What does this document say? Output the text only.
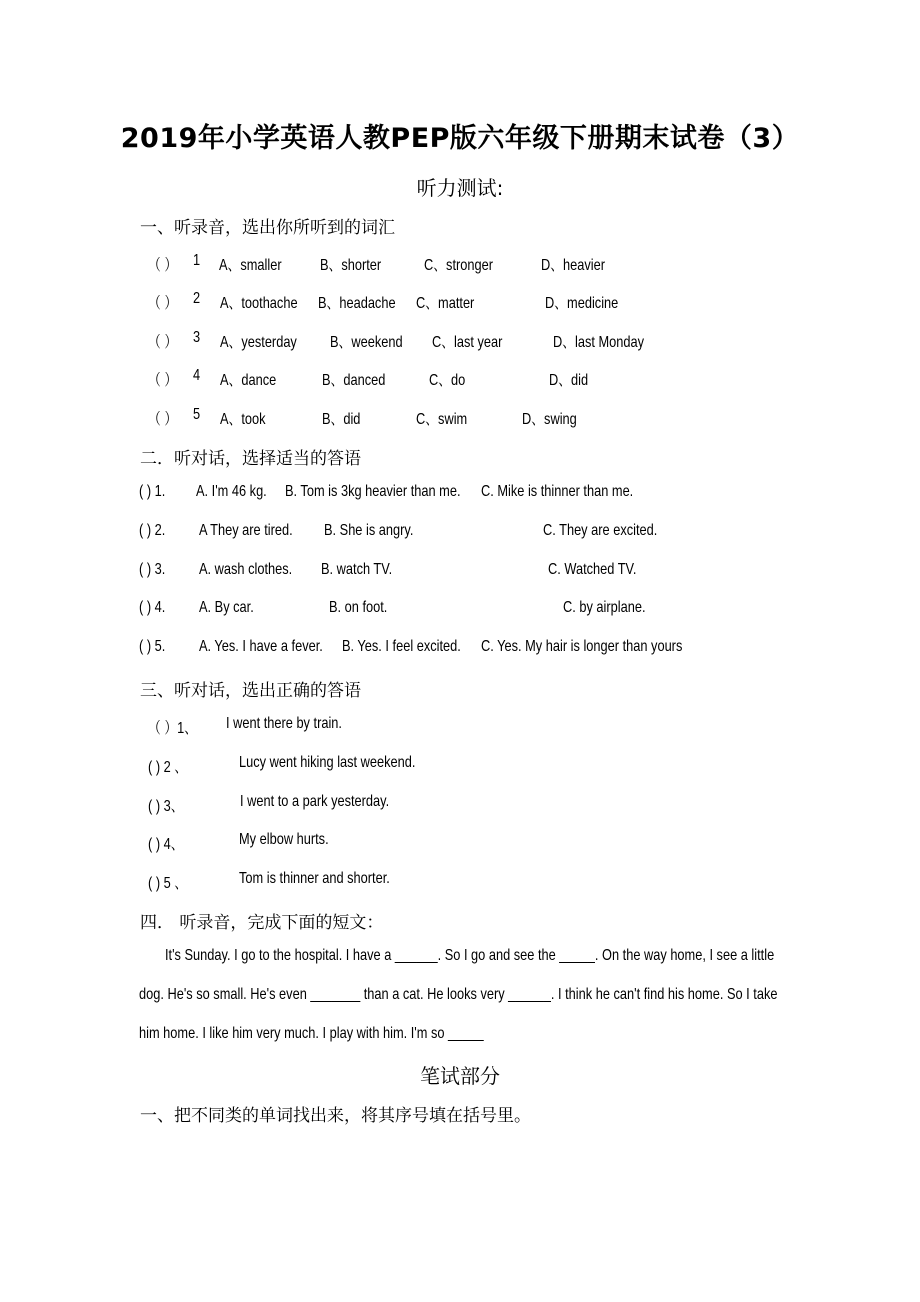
2019年小学英语人教PEP版六年级下册期末试卷（3）
听力测试:
一、听录音，选出你所听到的词汇
（ ） 1 A、smaller	B、shorter	C、stronger	D、heavier
（ ） 2 A、toothache	B、headache	C、matter	D、medicine
（ ） 3 A、yesterday	B、weekend	C、last year	D、last Monday
（ ） 4 A、dance	B、danced	C、do	D、did
（ ） 5 A、took	B、did	C、swim	D、swing
二．听对话，选择适当的答语
( ) 1.	A. I'm 46 kg.	B. Tom is 3kg heavier than me.	C. Mike is thinner than me.
( ) 2.	A They are tired.	B. She is angry.	C. They are excited.
( ) 3.	A. wash clothes.	B. watch TV.	C. Watched TV.
( ) 4.	A. By car.	B. on foot.	C. by airplane.
( ) 5.	A. Yes. I have a fever.	B. Yes. I feel excited.	C. Yes. My hair is longer than yours
三、听对话，选出正确的答语
（ ）1、	I went there by train.
( ) 2 、	Lucy went hiking last weekend.
( ) 3、	I went to a park yesterday.
( ) 4、	My elbow hurts.
( ) 5 、	Tom is thinner and shorter.
四． 听录音，完成下面的短文：
It's Sunday. I go to the hospital. I have a ______. So I go and see the _____. On the way home, I see a little
dog. He's so small. He's even _______ than a cat. He looks very ______. I think he can't find his home. So I take
him home. I like him very much. I play with him. I'm so _____
笔试部分
一、把不同类的单词找出来，将其序号填在括号里。
